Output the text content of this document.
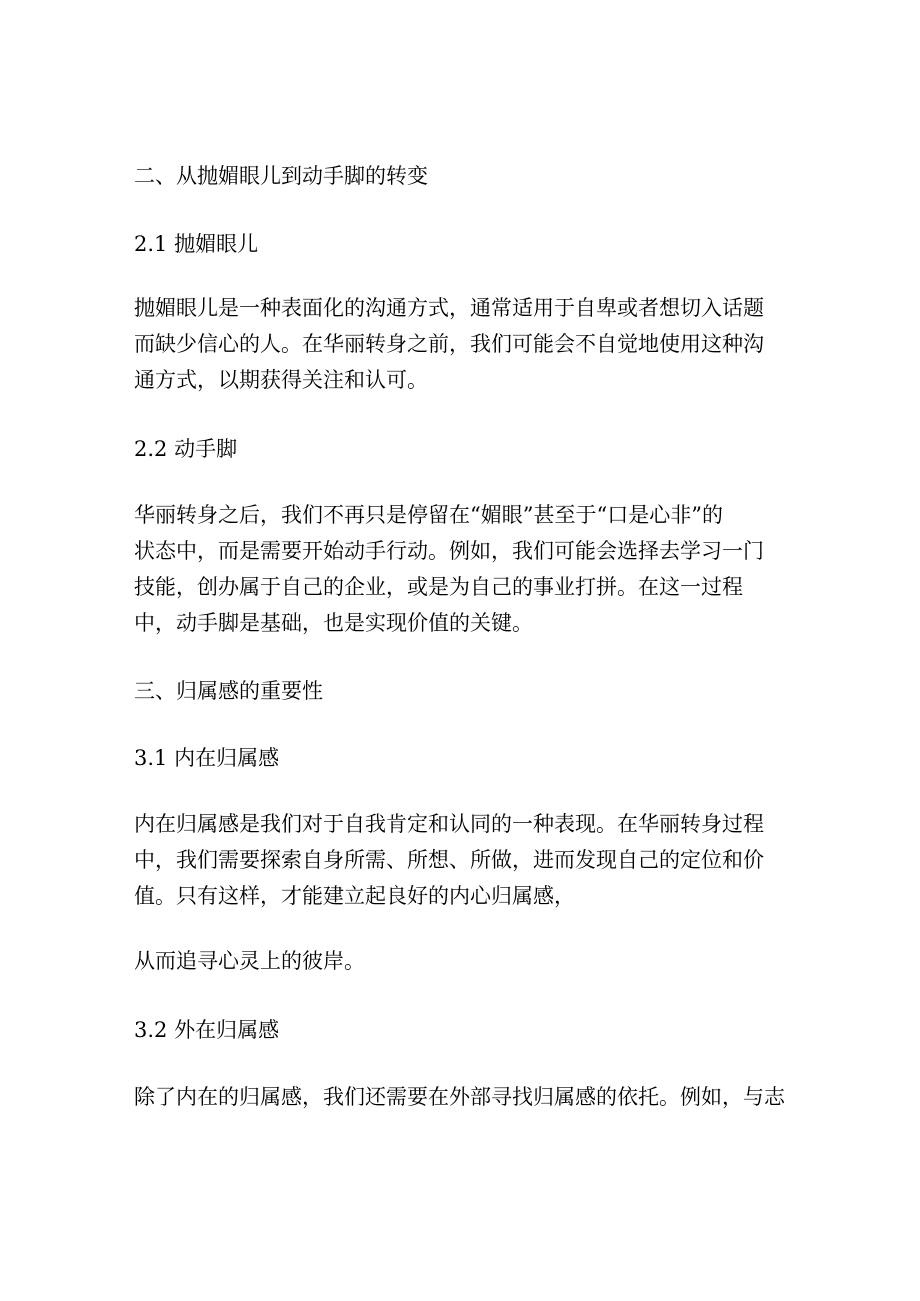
二、从抛媚眼儿到动手脚的转变

2.1 抛媚眼儿

抛媚眼儿是一种表面化的沟通方式，通常适用于自卑或者想切入话题
而缺少信心的人。在华丽转身之前，我们可能会不自觉地使用这种沟
通方式，以期获得关注和认可。

2.2 动手脚

华丽转身之后，我们不再只是停留在“媚眼”甚至于“口是心非”的
状态中，而是需要开始动手行动。例如，我们可能会选择去学习一门
技能，创办属于自己的企业，或是为自己的事业打拼。在这一过程
中，动手脚是基础，也是实现价值的关键。

三、归属感的重要性

3.1 内在归属感

内在归属感是我们对于自我肯定和认同的一种表现。在华丽转身过程
中，我们需要探索自身所需、所想、所做，进而发现自己的定位和价
值。只有这样，才能建立起良好的内心归属感，

从而追寻心灵上的彼岸。

3.2 外在归属感

除了内在的归属感，我们还需要在外部寻找归属感的依托。例如，与志
